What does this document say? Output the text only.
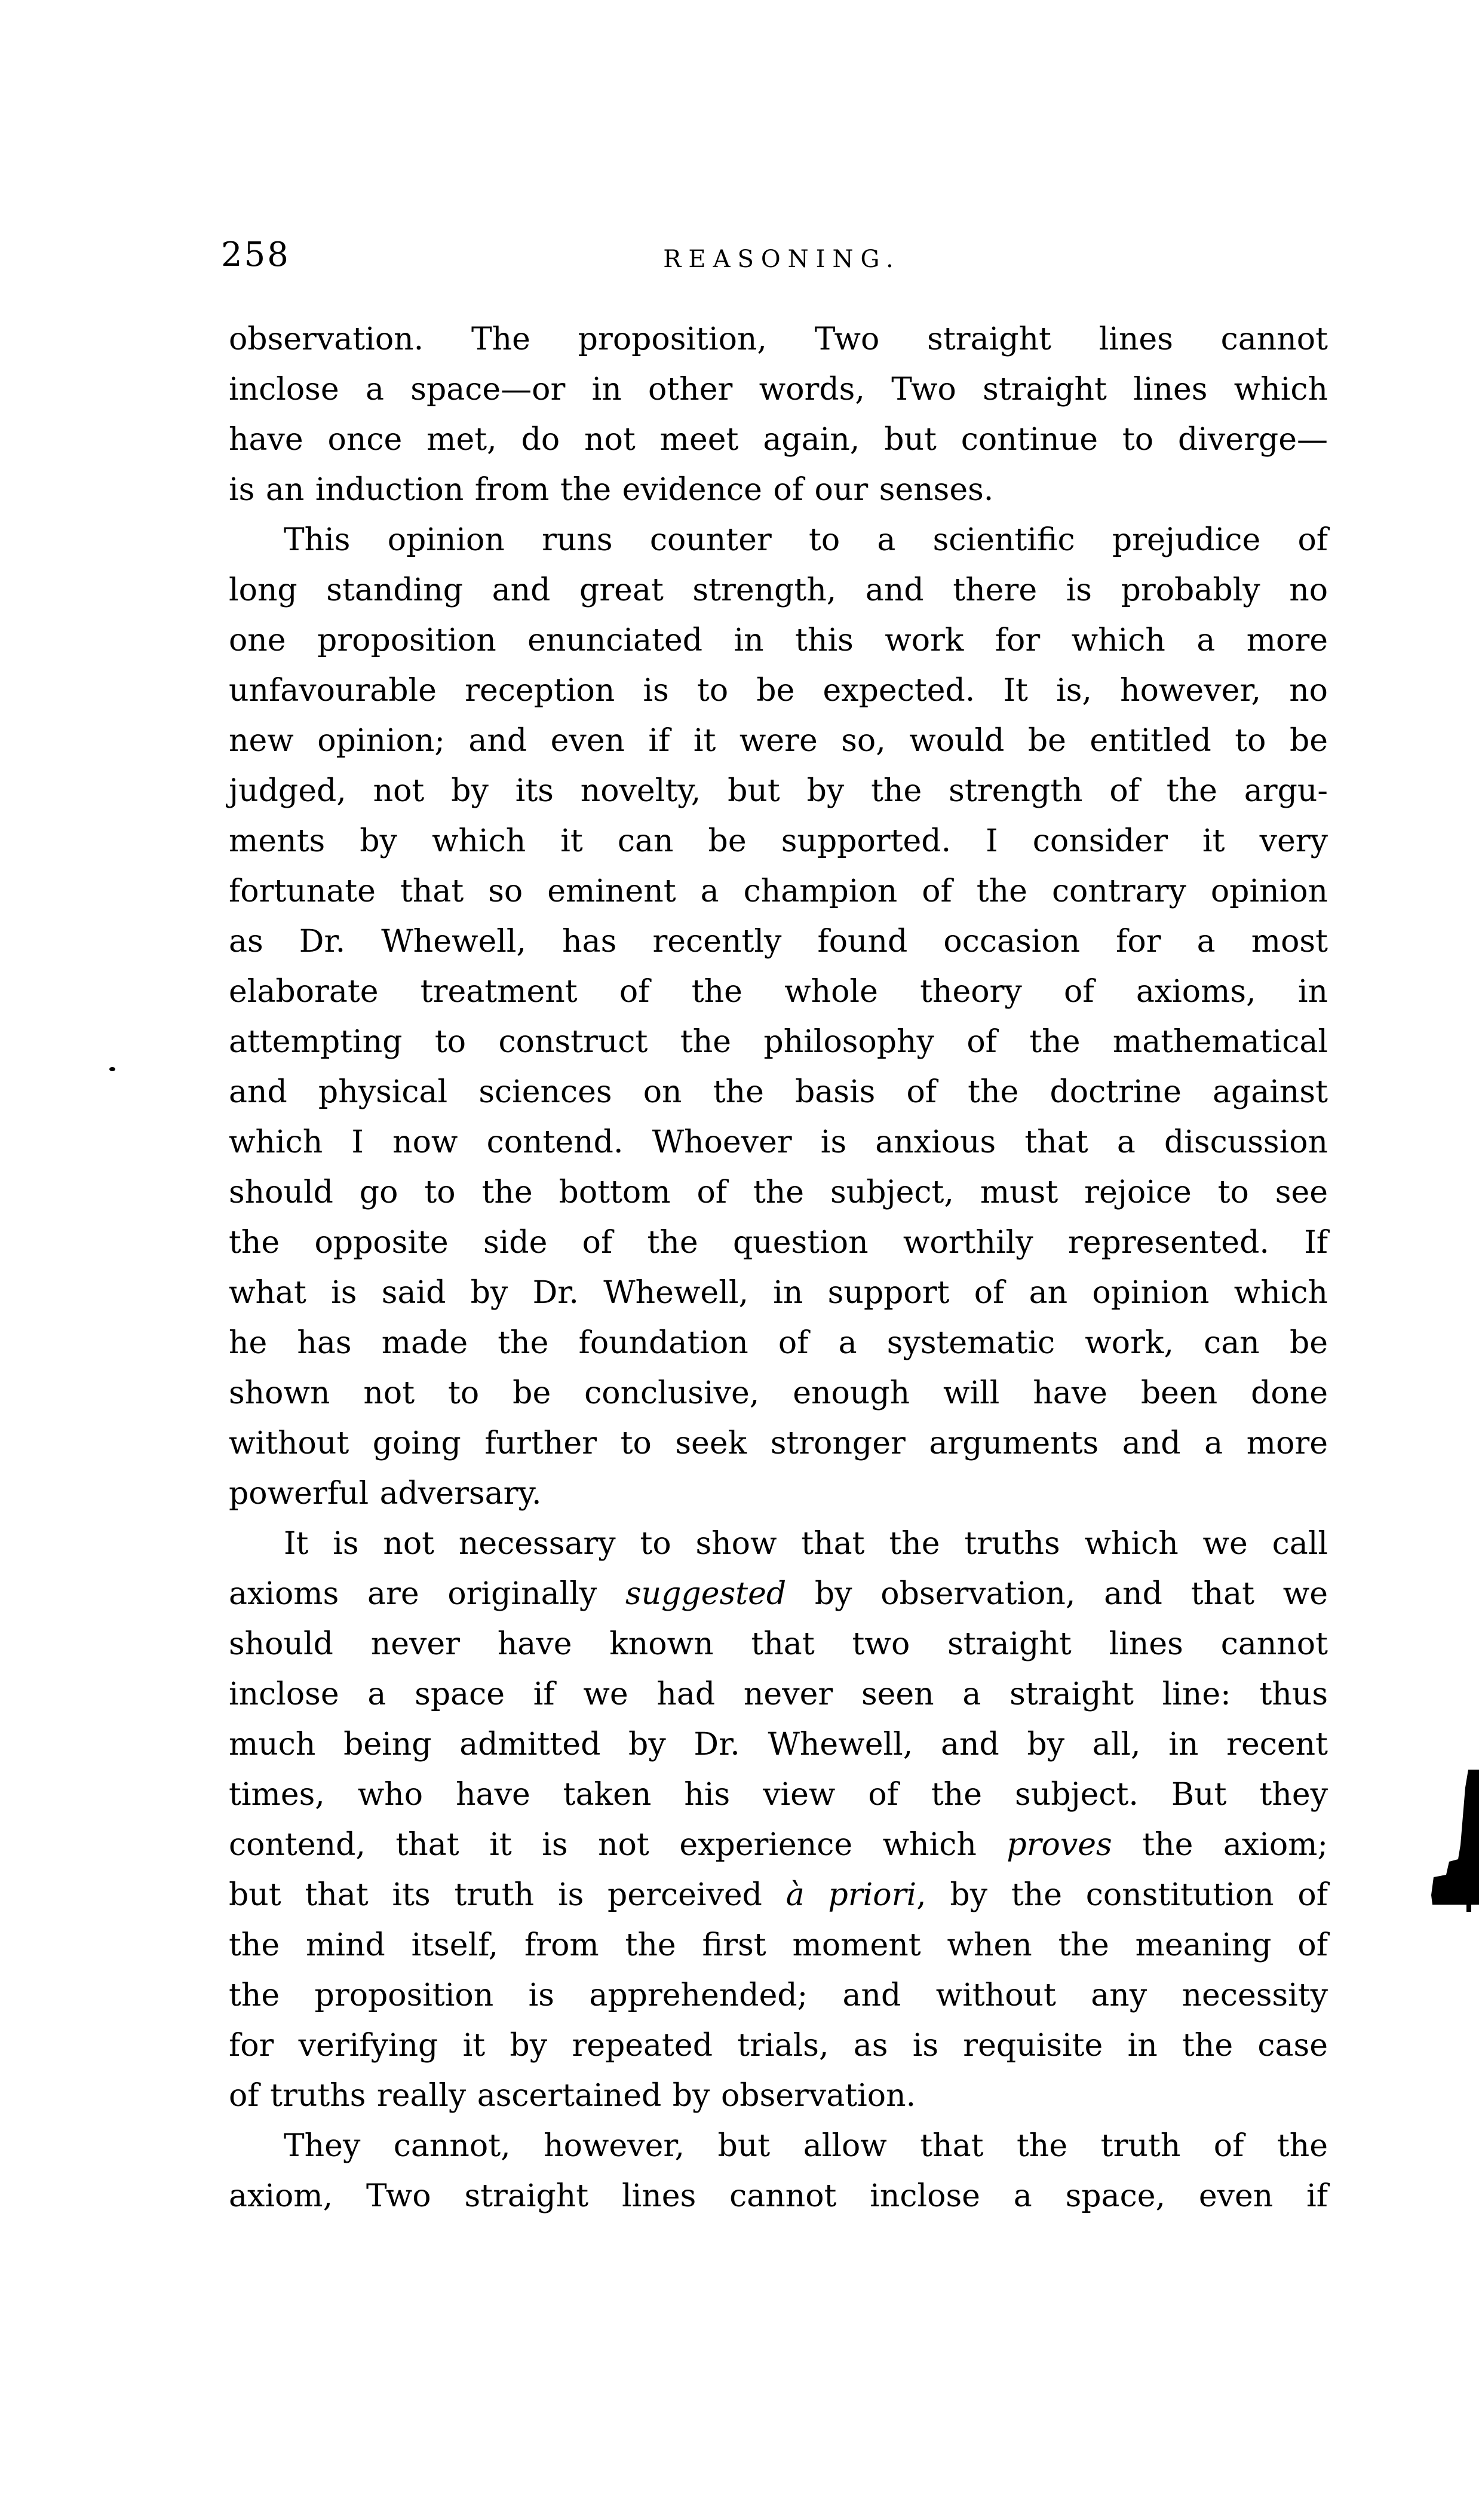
258	REASONING.
observation. The proposition, Two straight lines cannot
inclose a space—or in other words, Two straight lines which
have once met, do not meet again, but continue to diverge—
is an induction from the evidence of our senses.
This opinion runs counter to a scientific prejudice of
long standing and great strength, and there is probably no
one proposition enunciated in this work for which a more
unfavourable reception is to be expected. It is, however, no
new opinion; and even if it were so, would be entitled to be
judged, not by its novelty, but by the strength of the argu-
ments by which it can be supported. I consider it very
fortunate that so eminent a champion of the contrary opinion
as Dr. Whewell, has recently found occasion for a most
elaborate treatment of the whole theory of axioms, in
attempting to construct the philosophy of the mathematical
and physical sciences on the basis of the doctrine against
which I now contend. Whoever is anxious that a discussion
should go to the bottom of the subject, must rejoice to see
the opposite side of the question worthily represented. If
what is said by Dr. Whewell, in support of an opinion which
he has made the foundation of a systematic work, can be
shown not to be conclusive, enough will have been done
without going further to seek stronger arguments and a more
powerful adversary.
It is not necessary to show that the truths which we call
axioms are originally suggested by observation, and that we
should never have known that two straight lines cannot
inclose a space if we had never seen a straight line: thus
much being admitted by Dr. Whewell, and by all, in recent
times, who have taken his view of the subject. But they
contend, that it is not experience which proves the axiom;
but that its truth is perceived à priori, by the constitution of
the mind itself, from the first moment when the meaning of
the proposition is apprehended; and without any necessity
for verifying it by repeated trials, as is requisite in the case
of truths really ascertained by observation.
They cannot, however, but allow that the truth of the
axiom, Two straight lines cannot inclose a space, even if
